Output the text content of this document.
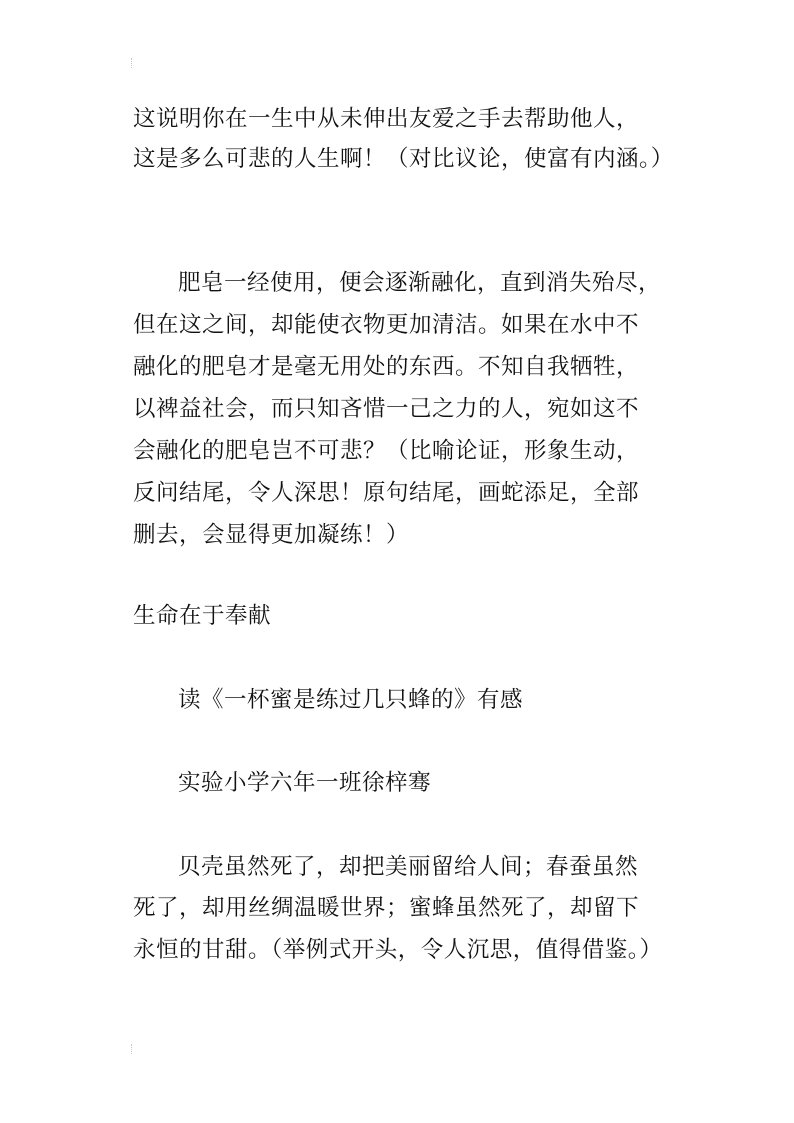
这说明你在一生中从未伸出友爱之手去帮助他人，
这是多么可悲的人生啊！（对比议论，使富有内涵。）
肥皂一经使用，便会逐渐融化，直到消失殆尽，
但在这之间，却能使衣物更加清洁。如果在水中不
融化的肥皂才是毫无用处的东西。不知自我牺牲，
以裨益社会，而只知吝惜一己之力的人，宛如这不
会融化的肥皂岂不可悲？（比喻论证，形象生动，
反问结尾，令人深思！原句结尾，画蛇添足，全部
删去，会显得更加凝练！）
生命在于奉献
读《一杯蜜是练过几只蜂的》有感
实验小学六年一班徐梓骞
贝壳虽然死了，却把美丽留给人间；春蚕虽然
死了，却用丝绸温暖世界；蜜蜂虽然死了，却留下
永恒的甘甜。（举例式开头，令人沉思，值得借鉴。）
